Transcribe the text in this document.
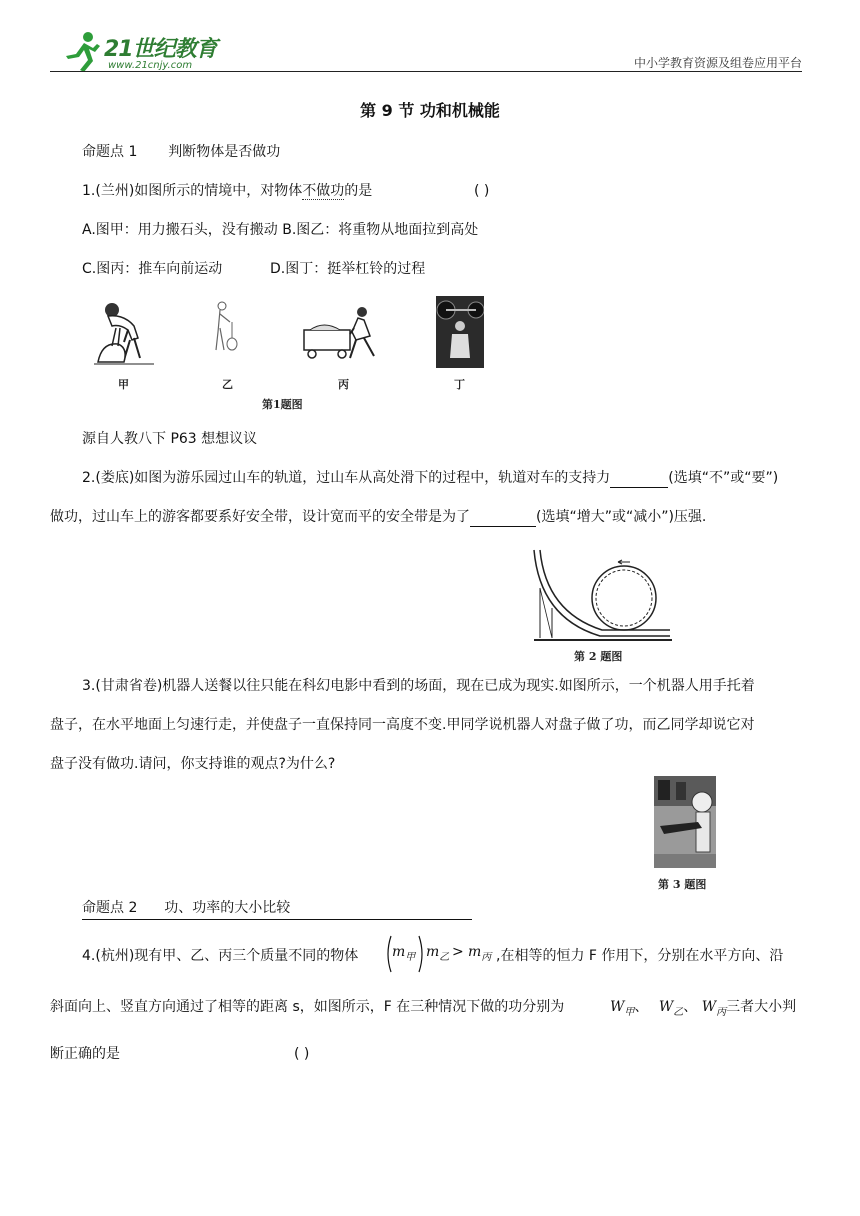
21世纪教育
www.21cnjy.com	中小学教育资源及组卷应用平台
第 9 节 功和机械能
命题点 1 判断物体是否做功
1.(兰州)如图所示的情境中，对物体不做功的是	( )
A.图甲：用力搬石头，没有搬动 B.图乙：将重物从地面拉到高处
C.图丙：推车向前运动	D.图丁：挺举杠铃的过程
甲	乙	丙	丁
第1题图
源自人教八下 P63 想想议议
2.(娄底)如图为游乐园过山车的轨道，过山车从高处滑下的过程中，轨道对车的支持力	(选填“不”或“要”)
做功，过山车上的游客都要系好安全带，设计宽而平的安全带是为了	(选填“增大”或“减小”)压强.
第 2 题图
3.(甘肃省卷)机器人送餐以往只能在科幻电影中看到的场面，现在已成为现实.如图所示，一个机器人用手托着
盘子，在水平地面上匀速行走，并使盘子一直保持同一高度不变.甲同学说机器人对盘子做了功，而乙同学却说它对
盘子没有做功.请问，你支持谁的观点?为什么?
第 3 题图
命题点 2 功、功率的大小比较
4.(杭州)现有甲、乙、丙三个质量不同的物体 $m_甲$ $m_乙 > m_丙$ ,在相等的恒力 F 作用下，分别在水平方向、沿
斜面向上、竖直方向通过了相等的距离 s，如图所示，F 在三种情况下做的功分别为	$W_甲$、 $W_乙$、 $W_丙$三者大小判
断正确的是	( )
